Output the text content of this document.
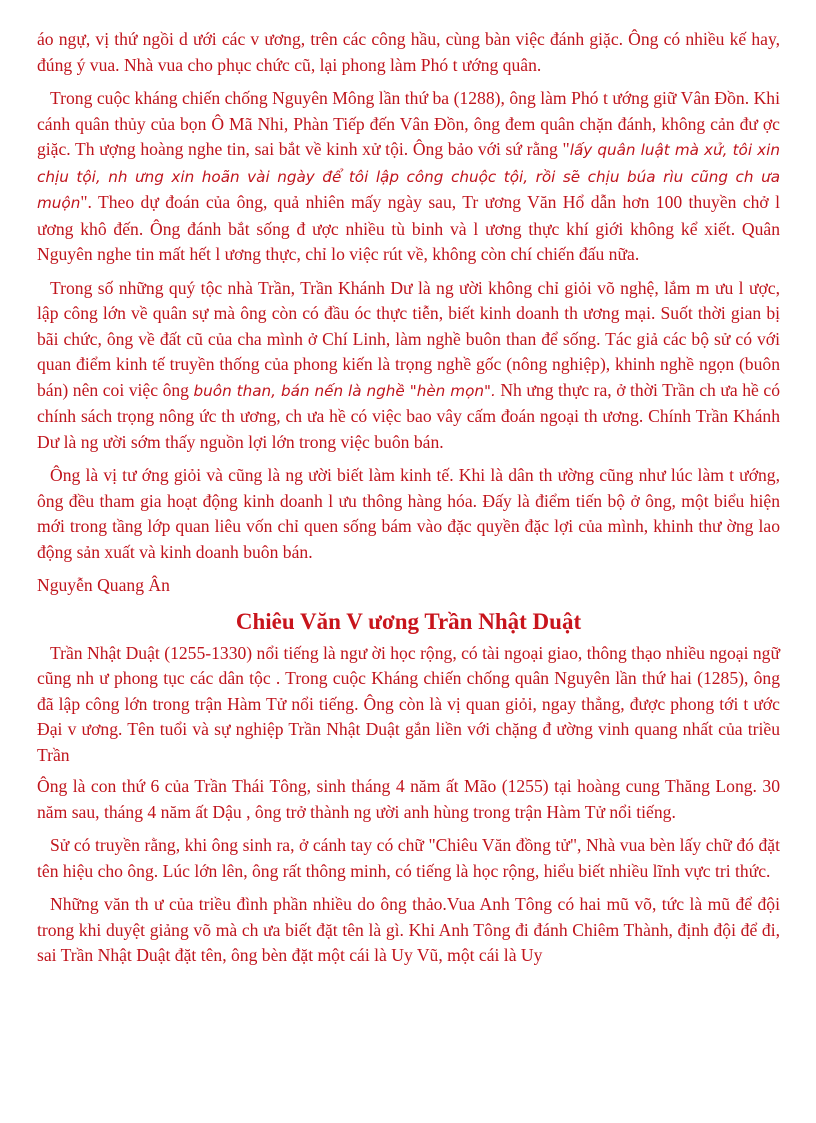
áo ngự, vị thứ ngồi d ưới các v ương, trên các công hầu, cùng bàn việc đánh giặc. Ông có nhiều kế hay, đúng ý vua. Nhà vua cho phục chức cũ, lại phong làm Phó t ướng quân.

Trong cuộc kháng chiến chống Nguyên Mông lần thứ ba (1288), ông làm Phó t ướng giữ Vân Đồn. Khi cánh quân thủy của bọn Ô Mã Nhi, Phàn Tiếp đến Vân Đồn, ông đem quân chặn đánh, không cản đư ợc giặc. Th ượng hoàng nghe tin, sai bắt về kinh xử tội. Ông bảo với sứ rằng "lấy quân luật mà xử, tôi xin chịu tội, nh ưng xin hoãn vài ngày để tôi lập công chuộc tội, rồi sẽ chịu búa rìu cũng ch ưa muộn". Theo dự đoán của ông, quả nhiên mấy ngày sau, Tr ương Văn Hổ dẫn hơn 100 thuyền chở l ương khô đến. Ông đánh bắt sống đ ược nhiều tù binh và l ương thực khí giới không kể xiết. Quân Nguyên nghe tin mất hết l ương thực, chỉ lo việc rút về, không còn chí chiến đấu nữa.

Trong số những quý tộc nhà Trần, Trần Khánh Dư là ng ười không chỉ giỏi võ nghệ, lắm m ưu l ược, lập công lớn về quân sự mà ông còn có đầu óc thực tiễn, biết kinh doanh th ương mại. Suốt thời gian bị bãi chức, ông về đất cũ của cha mình ở Chí Linh, làm nghề buôn than để sống. Tác giả các bộ sử có với quan điểm kinh tế truyền thống của phong kiến là trọng nghề gốc (nông nghiệp), khinh nghề ngọn (buôn bán) nên coi việc ông buôn than, bán nến là nghề "hèn mọn". Nh ưng thực ra, ở thời Trần ch ưa hề có chính sách trọng nông ức th ương, ch ưa hề có việc bao vây cấm đoán ngoại th ương. Chính Trần Khánh Dư là ng ười sớm thấy nguồn lợi lớn trong việc buôn bán.

Ông là vị tư ớng giỏi và cũng là ng ười biết làm kinh tế. Khi là dân th ường cũng như lúc làm t ướng, ông đều tham gia hoạt động kinh doanh l ưu thông hàng hóa. Đấy là điểm tiến bộ ở ông, một biểu hiện mới trong tầng lớp quan liêu vốn chỉ quen sống bám vào đặc quyền đặc lợi của mình, khinh thư ờng lao động sản xuất và kinh doanh buôn bán.

Nguyễn Quang Ân

Chiêu Văn V ương Trần Nhật Duật

Trần Nhật Duật (1255-1330) nổi tiếng là ngư ời học rộng, có tài ngoại giao, thông thạo nhiều ngoại ngữ cũng nh ư phong tục các dân tộc . Trong cuộc Kháng chiến chống quân Nguyên lần thứ hai (1285), ông đã lập công lớn trong trận Hàm Tử nổi tiếng. Ông còn là vị quan giỏi, ngay thẳng, được phong tới t ước Đại v ương. Tên tuổi và sự nghiệp Trần Nhật Duật gắn liền với chặng đ ường vinh quang nhất của triều Trần

Ông là con thứ 6 của Trần Thái Tông, sinh tháng 4 năm ất Mão (1255) tại hoàng cung Thăng Long. 30 năm sau, tháng 4 năm ất Dậu , ông trở thành ng ười anh hùng trong trận Hàm Tử nổi tiếng.

Sử có truyền rằng, khi ông sinh ra, ở cánh tay có chữ "Chiêu Văn đồng tử", Nhà vua bèn lấy chữ đó đặt tên hiệu cho ông. Lúc lớn lên, ông rất thông minh, có tiếng là học rộng, hiểu biết nhiều lĩnh vực tri thức.

Những văn th ư của triều đình phần nhiều do ông thảo.Vua Anh Tông có hai mũ võ, tức là mũ để đội trong khi duyệt giảng võ mà ch ưa biết đặt tên là gì. Khi Anh Tông đi đánh Chiêm Thành, định đội để đi, sai Trần Nhật Duật đặt tên, ông bèn đặt một cái là Uy Vũ, một cái là Uy
